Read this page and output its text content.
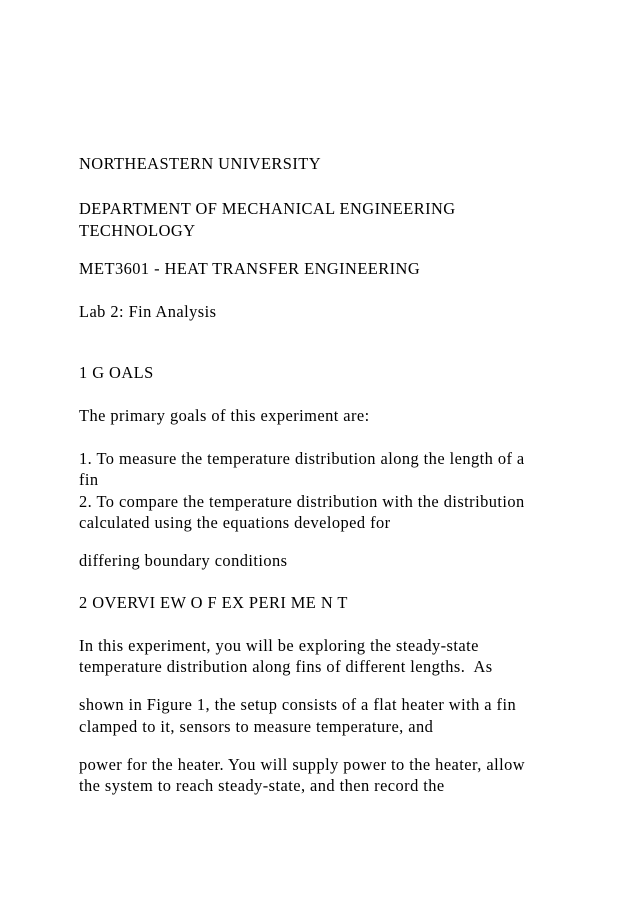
NORTHEASTERN UNIVERSITY

DEPARTMENT OF MECHANICAL ENGINEERING

TECHNOLOGY

MET3601 - HEAT TRANSFER ENGINEERING

Lab 2: Fin Analysis

1 G OALS

The primary goals of this experiment are:

1. To measure the temperature distribution along the length of a

fin

2. To compare the temperature distribution with the distribution

calculated using the equations developed for

differing boundary conditions

2 OVERVI EW O F EX PERI ME N T

In this experiment, you will be exploring the steady-state

temperature distribution along fins of different lengths.  As

shown in Figure 1, the setup consists of a flat heater with a fin

clamped to it, sensors to measure temperature, and

power for the heater. You will supply power to the heater, allow

the system to reach steady-state, and then record the
